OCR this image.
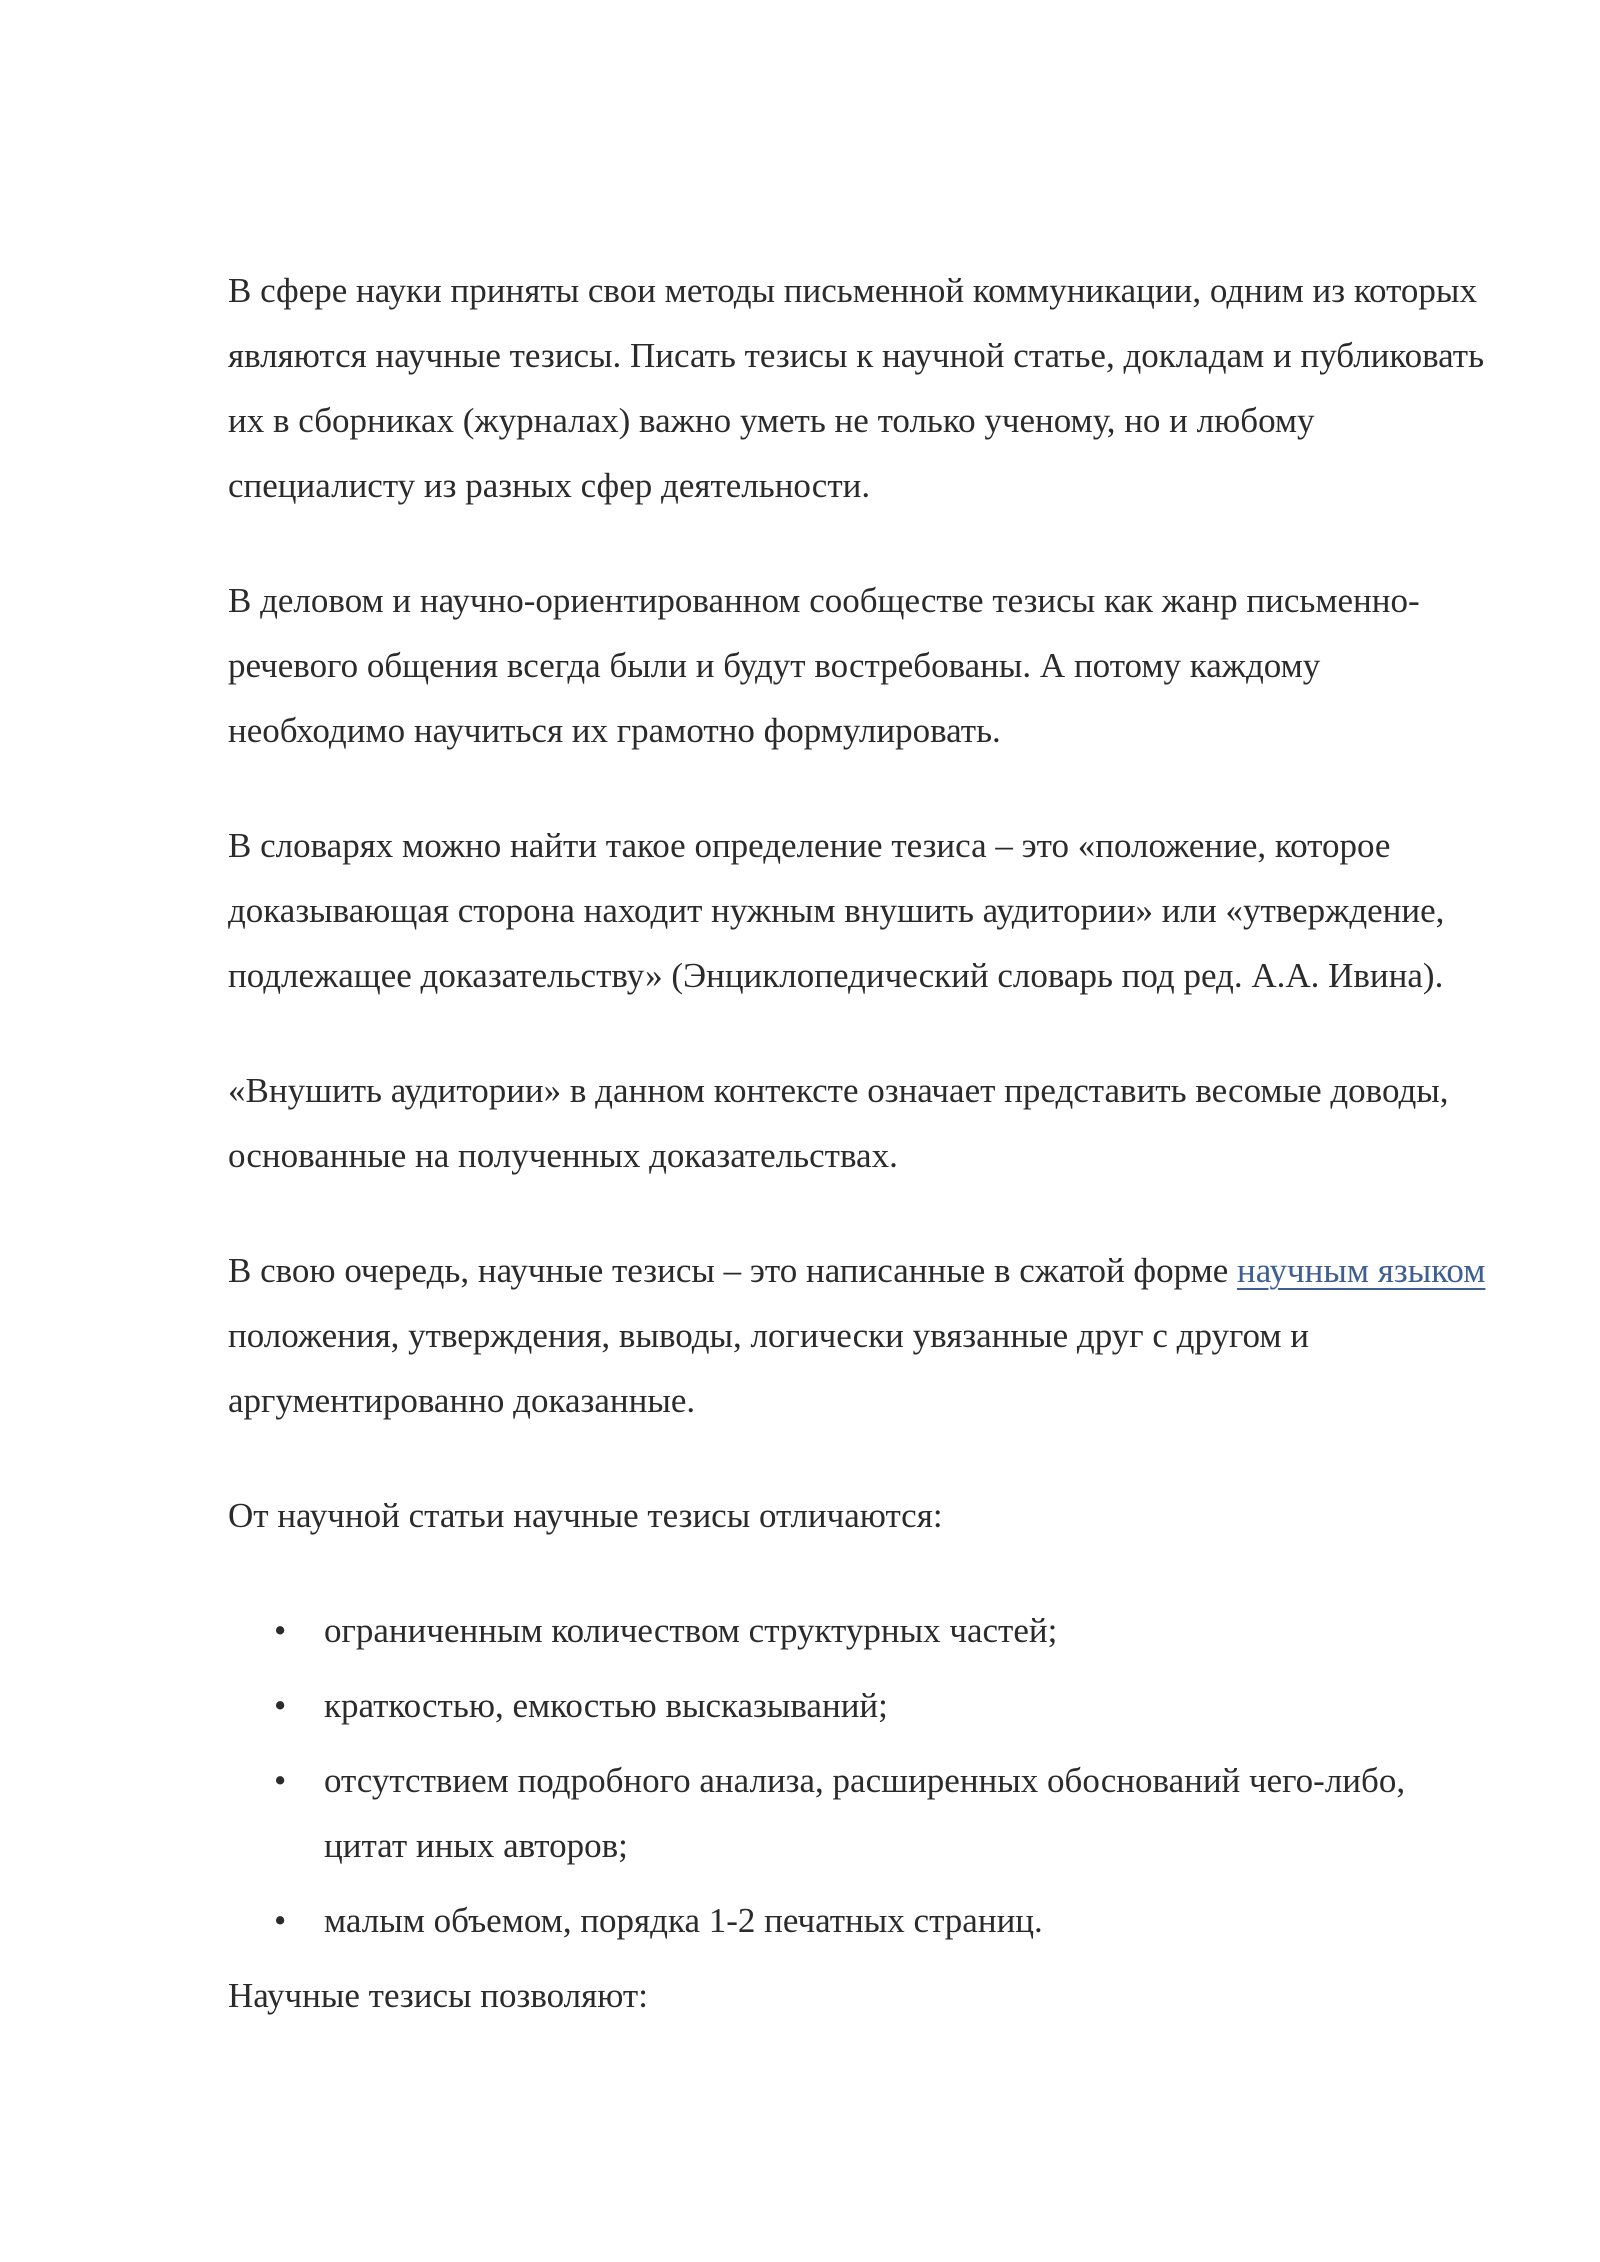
В сфере науки приняты свои методы письменной коммуникации, одним из которых являются научные тезисы. Писать тезисы к научной статье, докладам и публиковать их в сборниках (журналах) важно уметь не только ученому, но и любому специалисту из разных сфер деятельности.

В деловом и научно-ориентированном сообществе тезисы как жанр письменно-речевого общения всегда были и будут востребованы. А потому каждому необходимо научиться их грамотно формулировать.

В словарях можно найти такое определение тезиса – это «положение, которое доказывающая сторона находит нужным внушить аудитории» или «утверждение, подлежащее доказательству» (Энциклопедический словарь под ред. А.А. Ивина).

«Внушить аудитории» в данном контексте означает представить весомые доводы, основанные на полученных доказательствах.

В свою очередь, научные тезисы – это написанные в сжатой форме научным языком положения, утверждения, выводы, логически увязанные друг с другом и аргументированно доказанные.

От научной статьи научные тезисы отличаются:

• ограниченным количеством структурных частей;
• краткостью, емкостью высказываний;
• отсутствием подробного анализа, расширенных обоснований чего-либо, цитат иных авторов;
• малым объемом, порядка 1-2 печатных страниц.

Научные тезисы позволяют:
